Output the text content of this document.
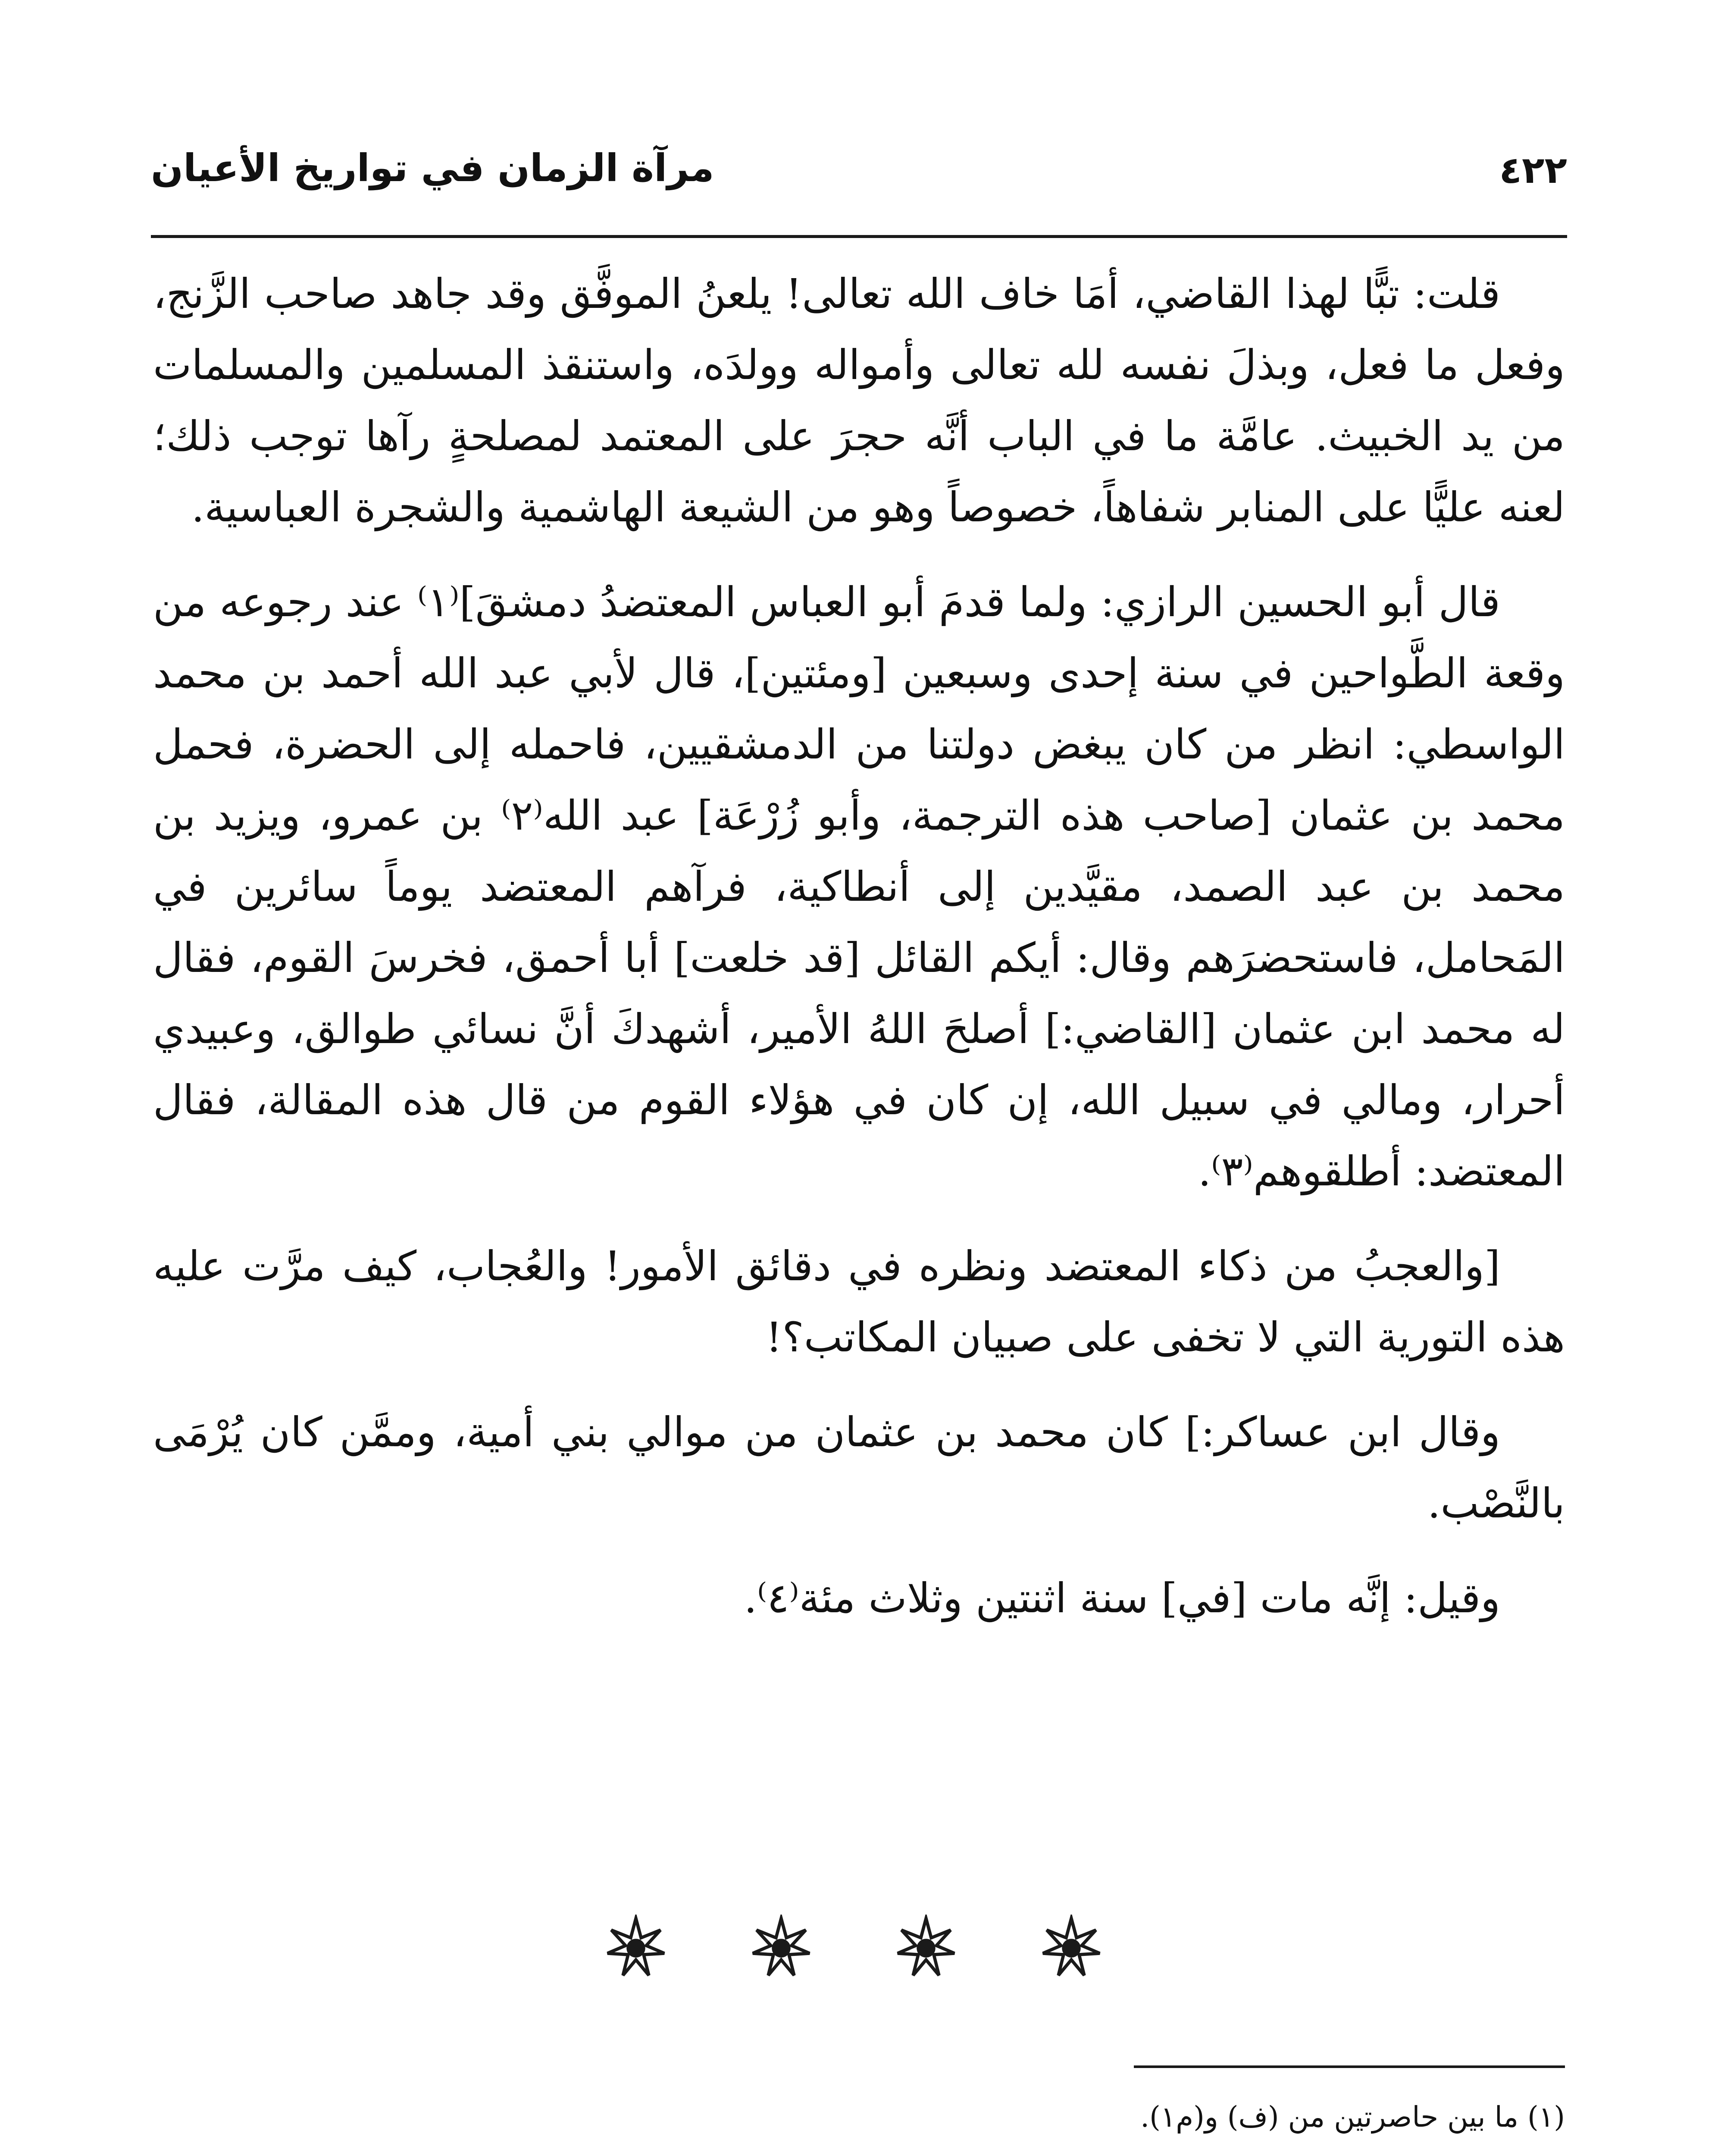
٤٢٢
مرآة الزمان في تواريخ الأعيان

قلت: تبًّا لهذا القاضي، أمَا خاف الله تعالى! يلعنُ الموفَّق وقد جاهد صاحب الزَّنج، وفعل ما فعل، وبذلَ نفسه لله تعالى وأمواله وولدَه، واستنقذ المسلمين والمسلمات من يد الخبيث. عامَّة ما في الباب أنَّه حجرَ على المعتمد لمصلحةٍ رآها توجب ذلك؛ لعنه عليًّا على المنابر شفاهاً، خصوصاً وهو من الشيعة الهاشمية والشجرة العباسية.

قال أبو الحسين الرازي: ولما قدمَ أبو العباس المعتضدُ دمشقَ]⁽١⁾ عند رجوعه من وقعة الطَّواحين في سنة إحدى وسبعين [ومئتين]، قال لأبي عبد الله أحمد بن محمد الواسطي: انظر من كان يبغض دولتنا من الدمشقيين، فاحمله إلى الحضرة، فحمل محمد بن عثمان [صاحب هذه الترجمة، وأبو زُرْعَة] عبد الله⁽٢⁾ بن عمرو، ويزيد بن محمد بن عبد الصمد، مقيَّدين إلى أنطاكية، فرآهم المعتضد يوماً سائرين في المَحامل، فاستحضرَهم وقال: أيكم القائل [قد خلعت] أبا أحمق، فخرسَ القوم، فقال له محمد ابن عثمان [القاضي:] أصلحَ اللهُ الأمير، أشهدكَ أنَّ نسائي طوالق، وعبيدي أحرار، ومالي في سبيل الله، إن كان في هؤلاء القوم من قال هذه المقالة، فقال المعتضد: أطلقوهم⁽٣⁾.

[والعجبُ من ذكاء المعتضد ونظره في دقائق الأمور! والعُجاب، كيف مرَّت عليه هذه التورية التي لا تخفى على صبيان المكاتب؟!

وقال ابن عساكر:] كان محمد بن عثمان من موالي بني أمية، وممَّن كان يُرْمَى بالنَّصْب.

وقيل: إنَّه مات [في] سنة اثنتين وثلاث مئة⁽٤⁾.

(١) ما بين حاصرتين من (ف) و(م١).
